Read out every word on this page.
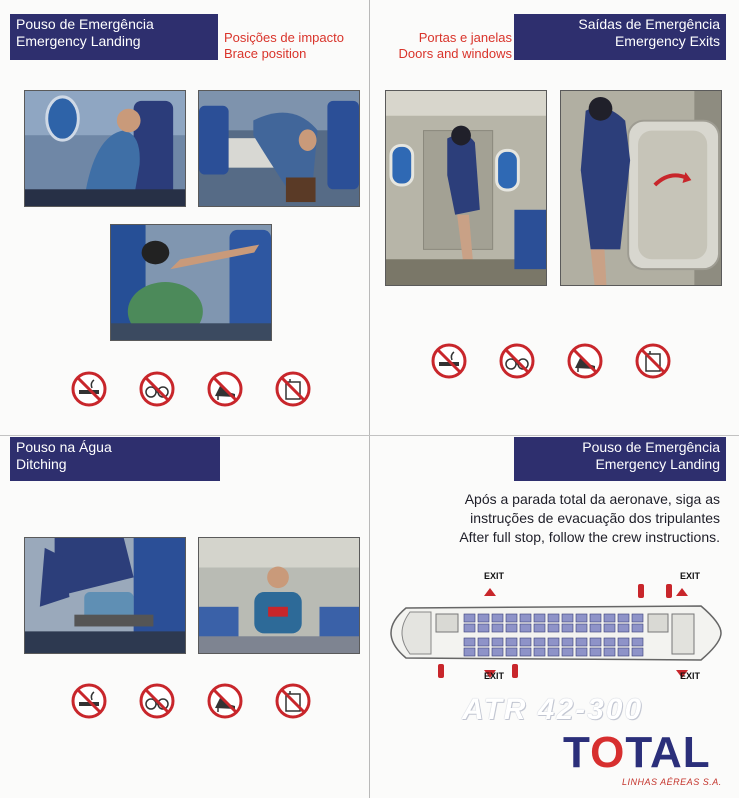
Pouso de Emergência
Emergency Landing	Posições de impacto
Brace position
Portas e janelas
Doors and windows
Saídas de Emergência
Emergency Exits
Pouso na Água
Ditching
Pouso de Emergência
Emergency Landing
Após a parada total da aeronave, siga as
instruções de evacuação dos tripulantes
After full stop, follow the crew instructions.
EXIT	EXIT
EXIT	EXIT
ATR 42-300
TOTAL
LINHAS AÉREAS S.A.
